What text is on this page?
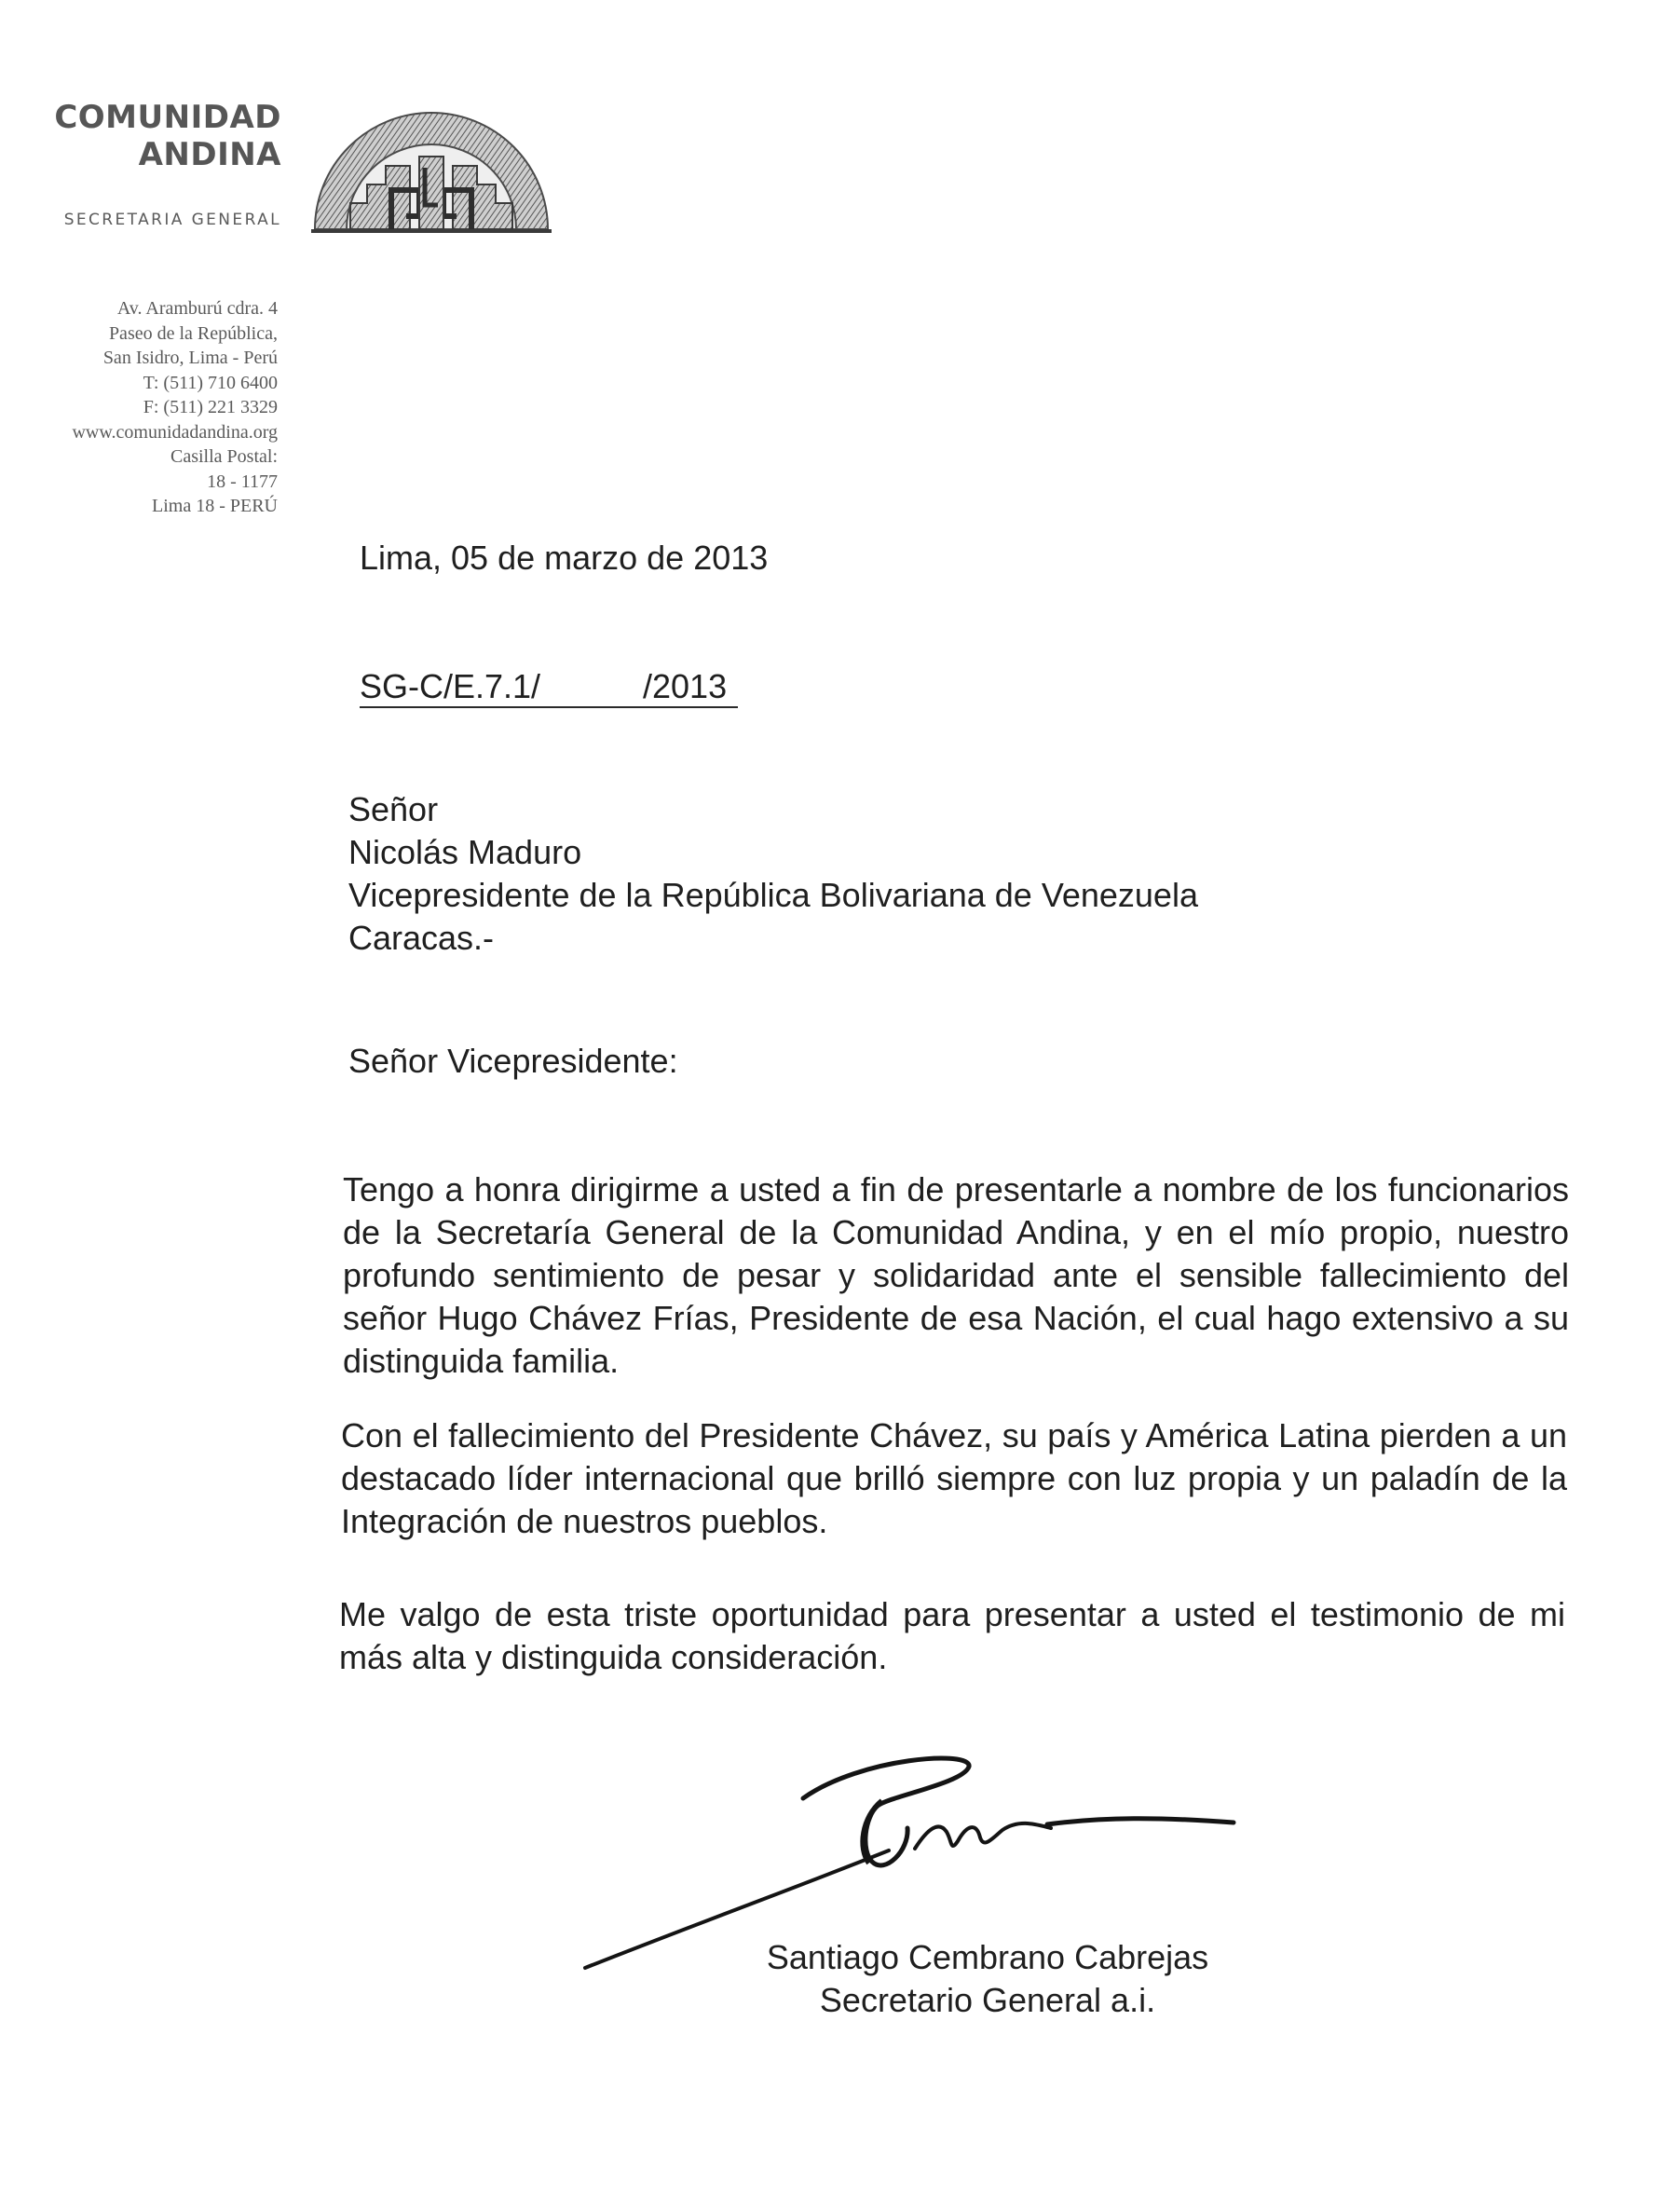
COMUNIDAD
ANDINA
SECRETARIA GENERAL
Av. Aramburú cdra. 4
Paseo de la República,
San Isidro, Lima - Perú
T: (511) 710 6400
F: (511) 221 3329
www.comunidadandina.org
Casilla Postal:
18 - 1177
Lima 18 - PERÚ
Lima, 05 de marzo de 2013
SG-C/E.7.1/	/2013
Señor
Nicolás Maduro
Vicepresidente de la República Bolivariana de Venezuela
Caracas.-
Señor Vicepresidente:

Tengo a honra dirigirme a usted a fin de presentarle a nombre de los funcionarios de la Secretaría General de la Comunidad Andina, y en el mío propio, nuestro profundo sentimiento de pesar y solidaridad ante el sensible fallecimiento del señor Hugo Chávez Frías, Presidente de esa Nación, el cual hago extensivo a su distinguida familia.

Con el fallecimiento del Presidente Chávez, su país y América Latina pierden a un destacado líder internacional que brilló siempre con luz propia y un paladín de la Integración de nuestros pueblos.

Me valgo de esta triste oportunidad para presentar a usted el testimonio de mi más alta y distinguida consideración.

Santiago Cembrano Cabrejas
Secretario General a.i.
